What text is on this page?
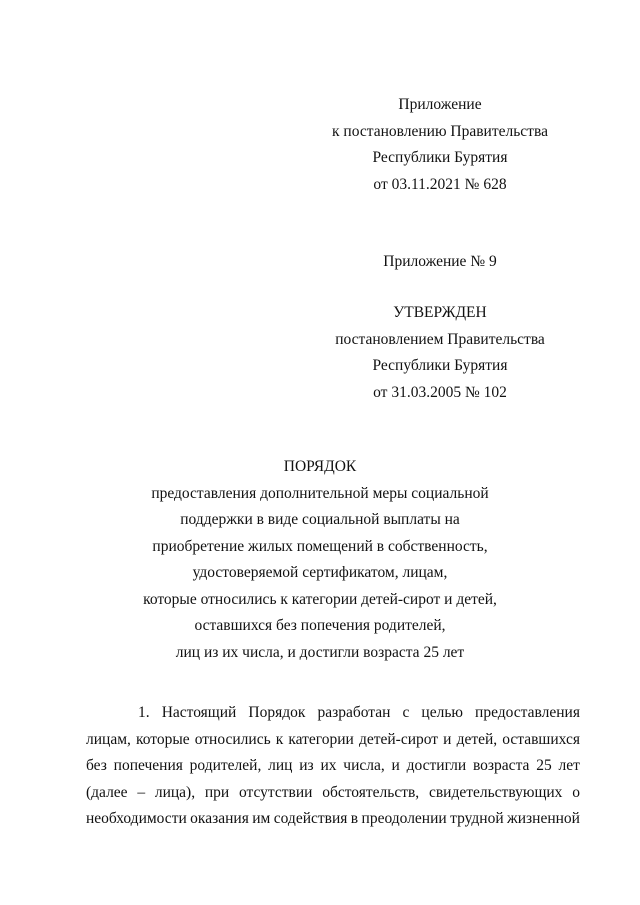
Приложение
к постановлению Правительства
Республики Бурятия
от 03.11.2021 № 628
Приложение № 9
УТВЕРЖДЕН
постановлением Правительства
Республики Бурятия
от 31.03.2005 № 102
ПОРЯДОК
предоставления дополнительной меры социальной
поддержки в виде социальной выплаты на
приобретение жилых помещений в собственность,
удостоверяемой сертификатом, лицам,
которые относились к категории детей-сирот и детей,
оставшихся без попечения родителей,
лиц из их числа, и достигли возраста 25 лет
1. Настоящий Порядок разработан с целью предоставления
лицам, которые относились к категории детей-сирот и детей, оставшихся
без попечения родителей, лиц из их числа, и достигли возраста 25 лет
(далее – лица), при отсутствии обстоятельств, свидетельствующих о
необходимости оказания им содействия в преодолении трудной жизненной
